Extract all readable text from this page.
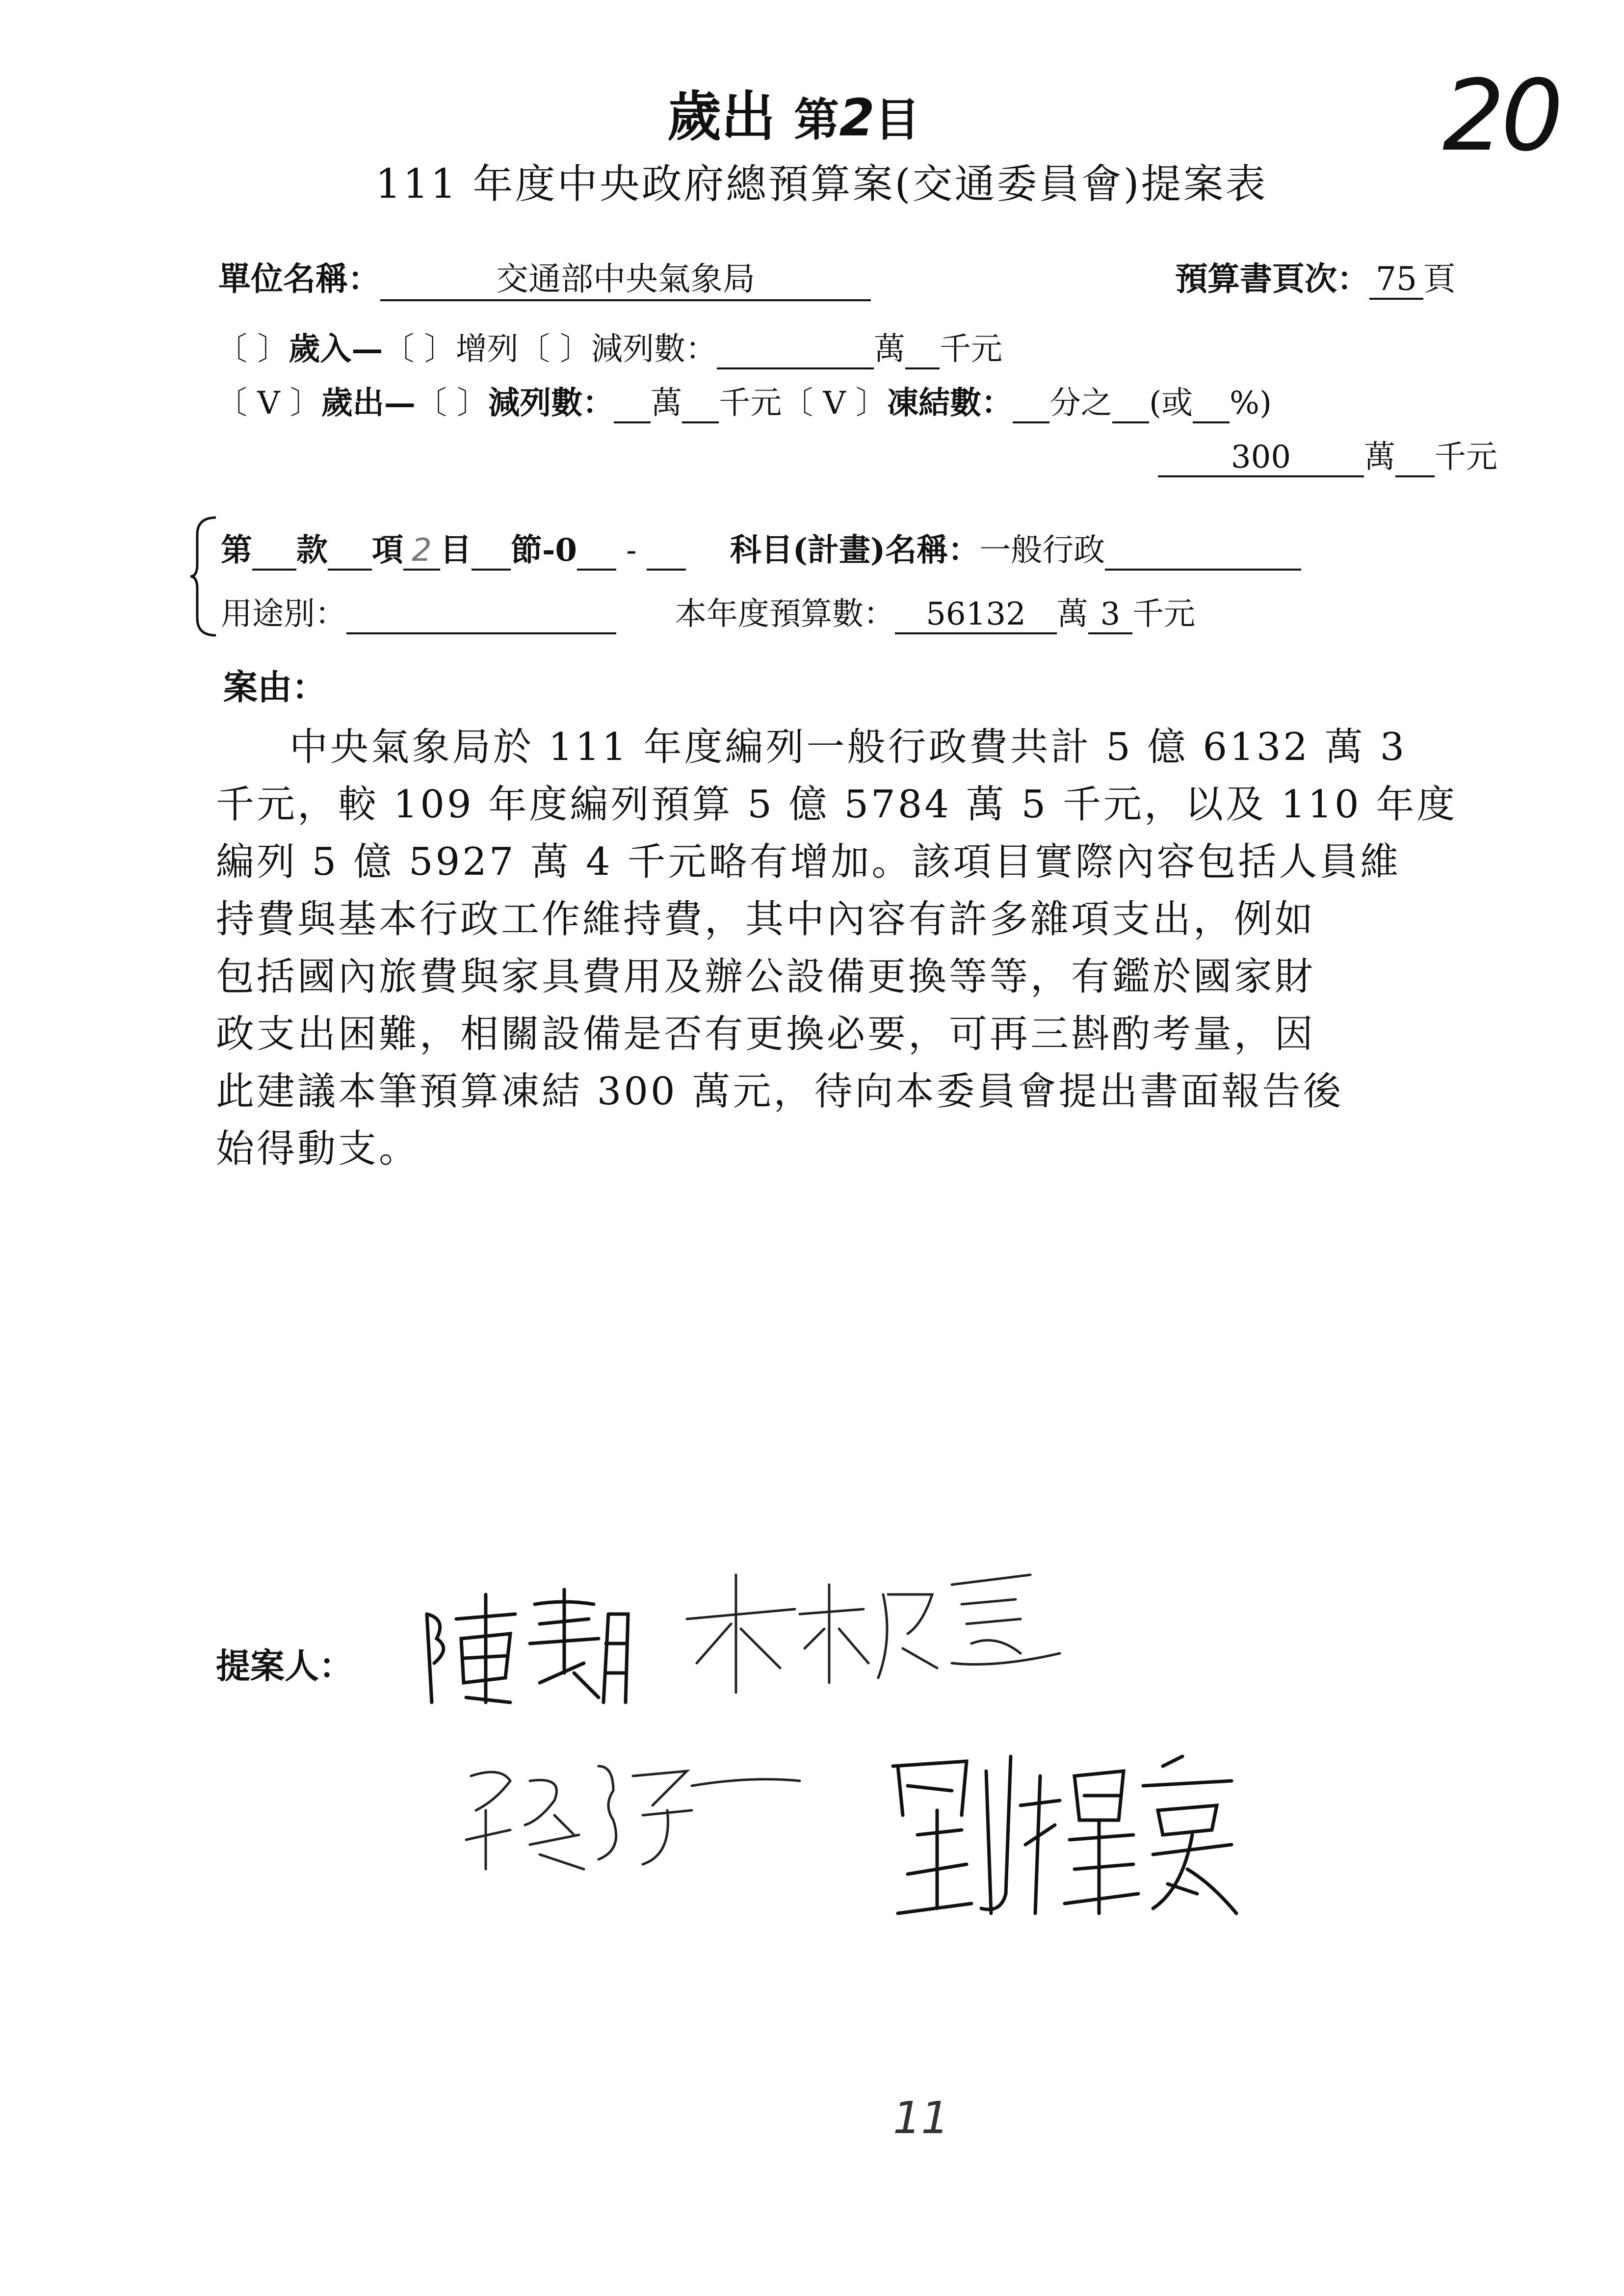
歲出 第2目	20
111 年度中央政府總預算案(交通委員會)提案表
單位名稱：	交通部中央氣象局	預算書頁次： 75 頁
〔 〕歲入—〔 〕增列〔 〕減列數：	萬 千元
〔 V 〕歲出—〔 〕減列數： 萬 千元〔 V 〕凍結數： 分之 (或 %)
300 萬 千元
第 款 項 2 目 節-0 -	科目(計畫)名稱：一般行政
用途別：	本年度預算數： 56132 萬 3 千元
案由：
中央氣象局於 111 年度編列一般行政費共計 5 億 6132 萬 3
千元，較 109 年度編列預算 5 億 5784 萬 5 千元，以及 110 年度
編列 5 億 5927 萬 4 千元略有增加。該項目實際內容包括人員維
持費與基本行政工作維持費，其中內容有許多雜項支出，例如
包括國內旅費與家具費用及辦公設備更換等等，有鑑於國家財
政支出困難，相關設備是否有更換必要，可再三斟酌考量，因
此建議本筆預算凍結 300 萬元，待向本委員會提出書面報告後
始得動支。
提案人：
11
